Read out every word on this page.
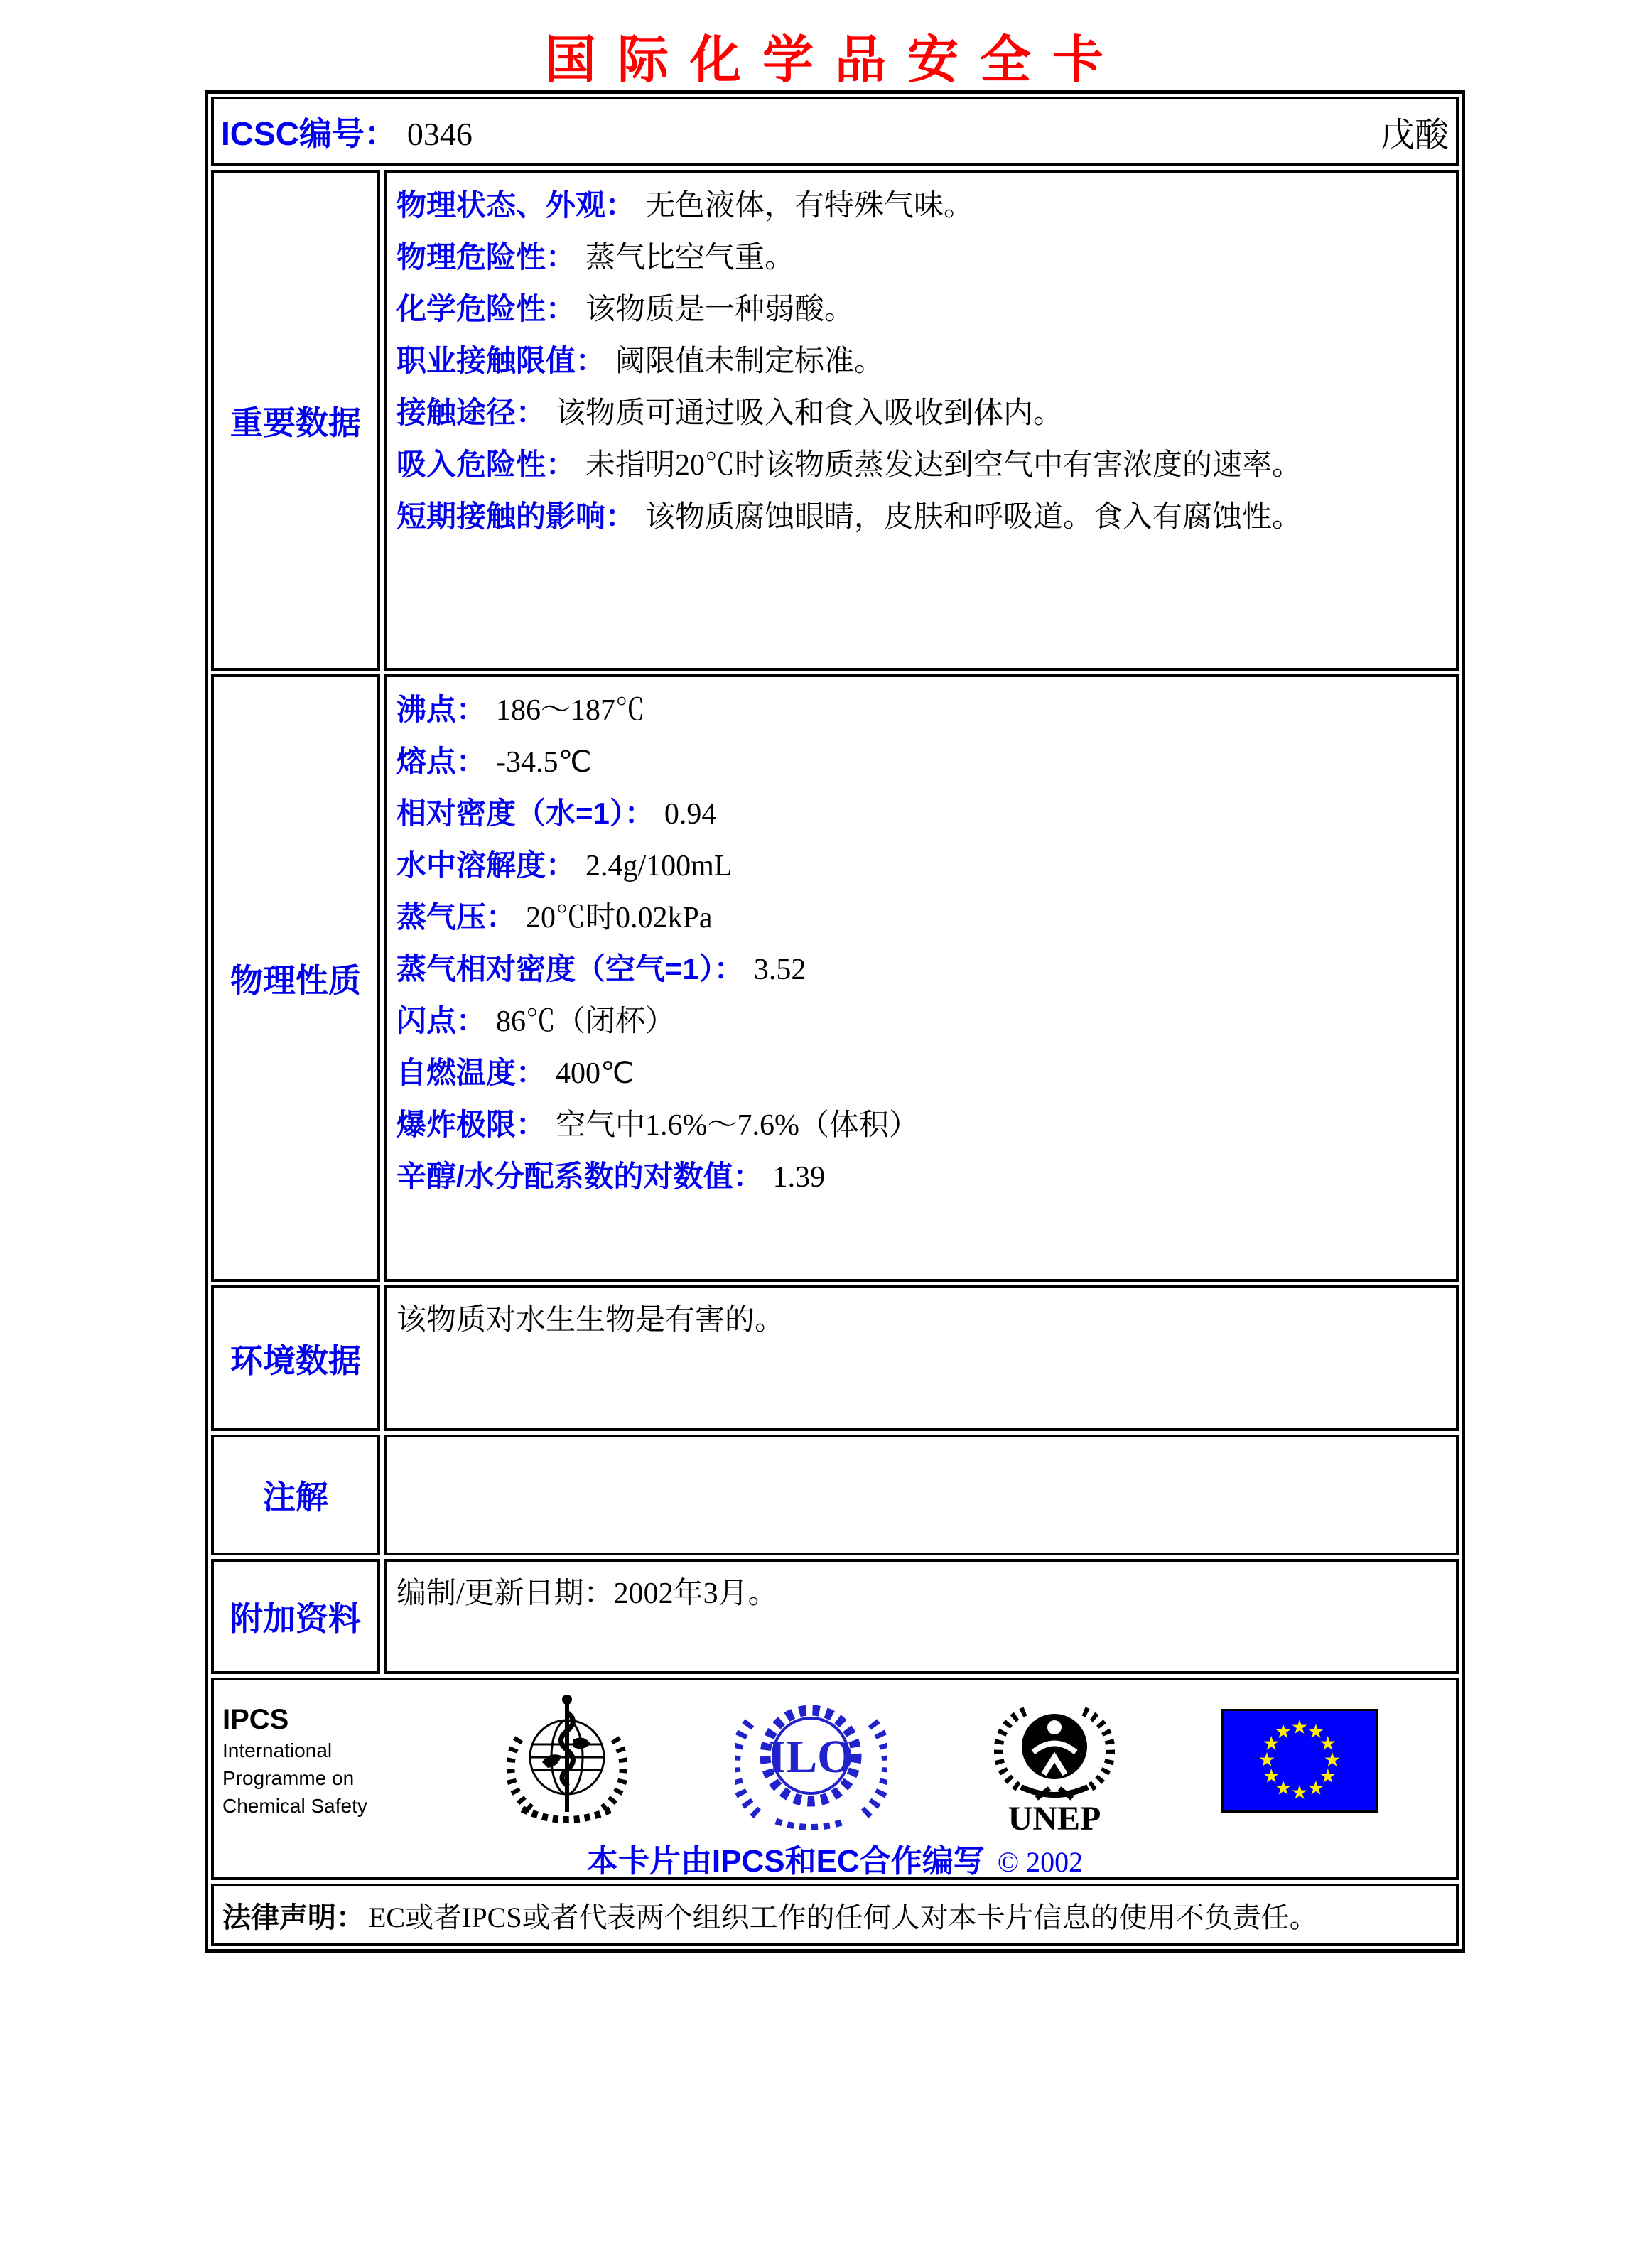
国际化学品安全卡
ICSC编号： 0346	戊酸
重要数据
物理状态、外观： 无色液体，有特殊气味。
物理危险性： 蒸气比空气重。
化学危险性： 该物质是一种弱酸。
职业接触限值： 阈限值未制定标准。
接触途径： 该物质可通过吸入和食入吸收到体内。
吸入危险性： 未指明20℃时该物质蒸发达到空气中有害浓度的速率。
短期接触的影响： 该物质腐蚀眼睛，皮肤和呼吸道。食入有腐蚀性。
物理性质
沸点： 186～187℃
熔点： -34.5℃
相对密度（水=1）： 0.94
水中溶解度： 2.4g/100mL
蒸气压： 20℃时0.02kPa
蒸气相对密度（空气=1）： 3.52
闪点： 86℃（闭杯）
自燃温度： 400℃
爆炸极限： 空气中1.6%～7.6%（体积）
辛醇/水分配系数的对数值： 1.39
环境数据
该物质对水生生物是有害的。
注解
附加资料
编制/更新日期：2002年3月。
IPCS
International
Programme on
Chemical Safety
ILO
UNEP
本卡片由IPCS和EC合作编写 © 2002
法律声明： EC或者IPCS或者代表两个组织工作的任何人对本卡片信息的使用不负责任。
